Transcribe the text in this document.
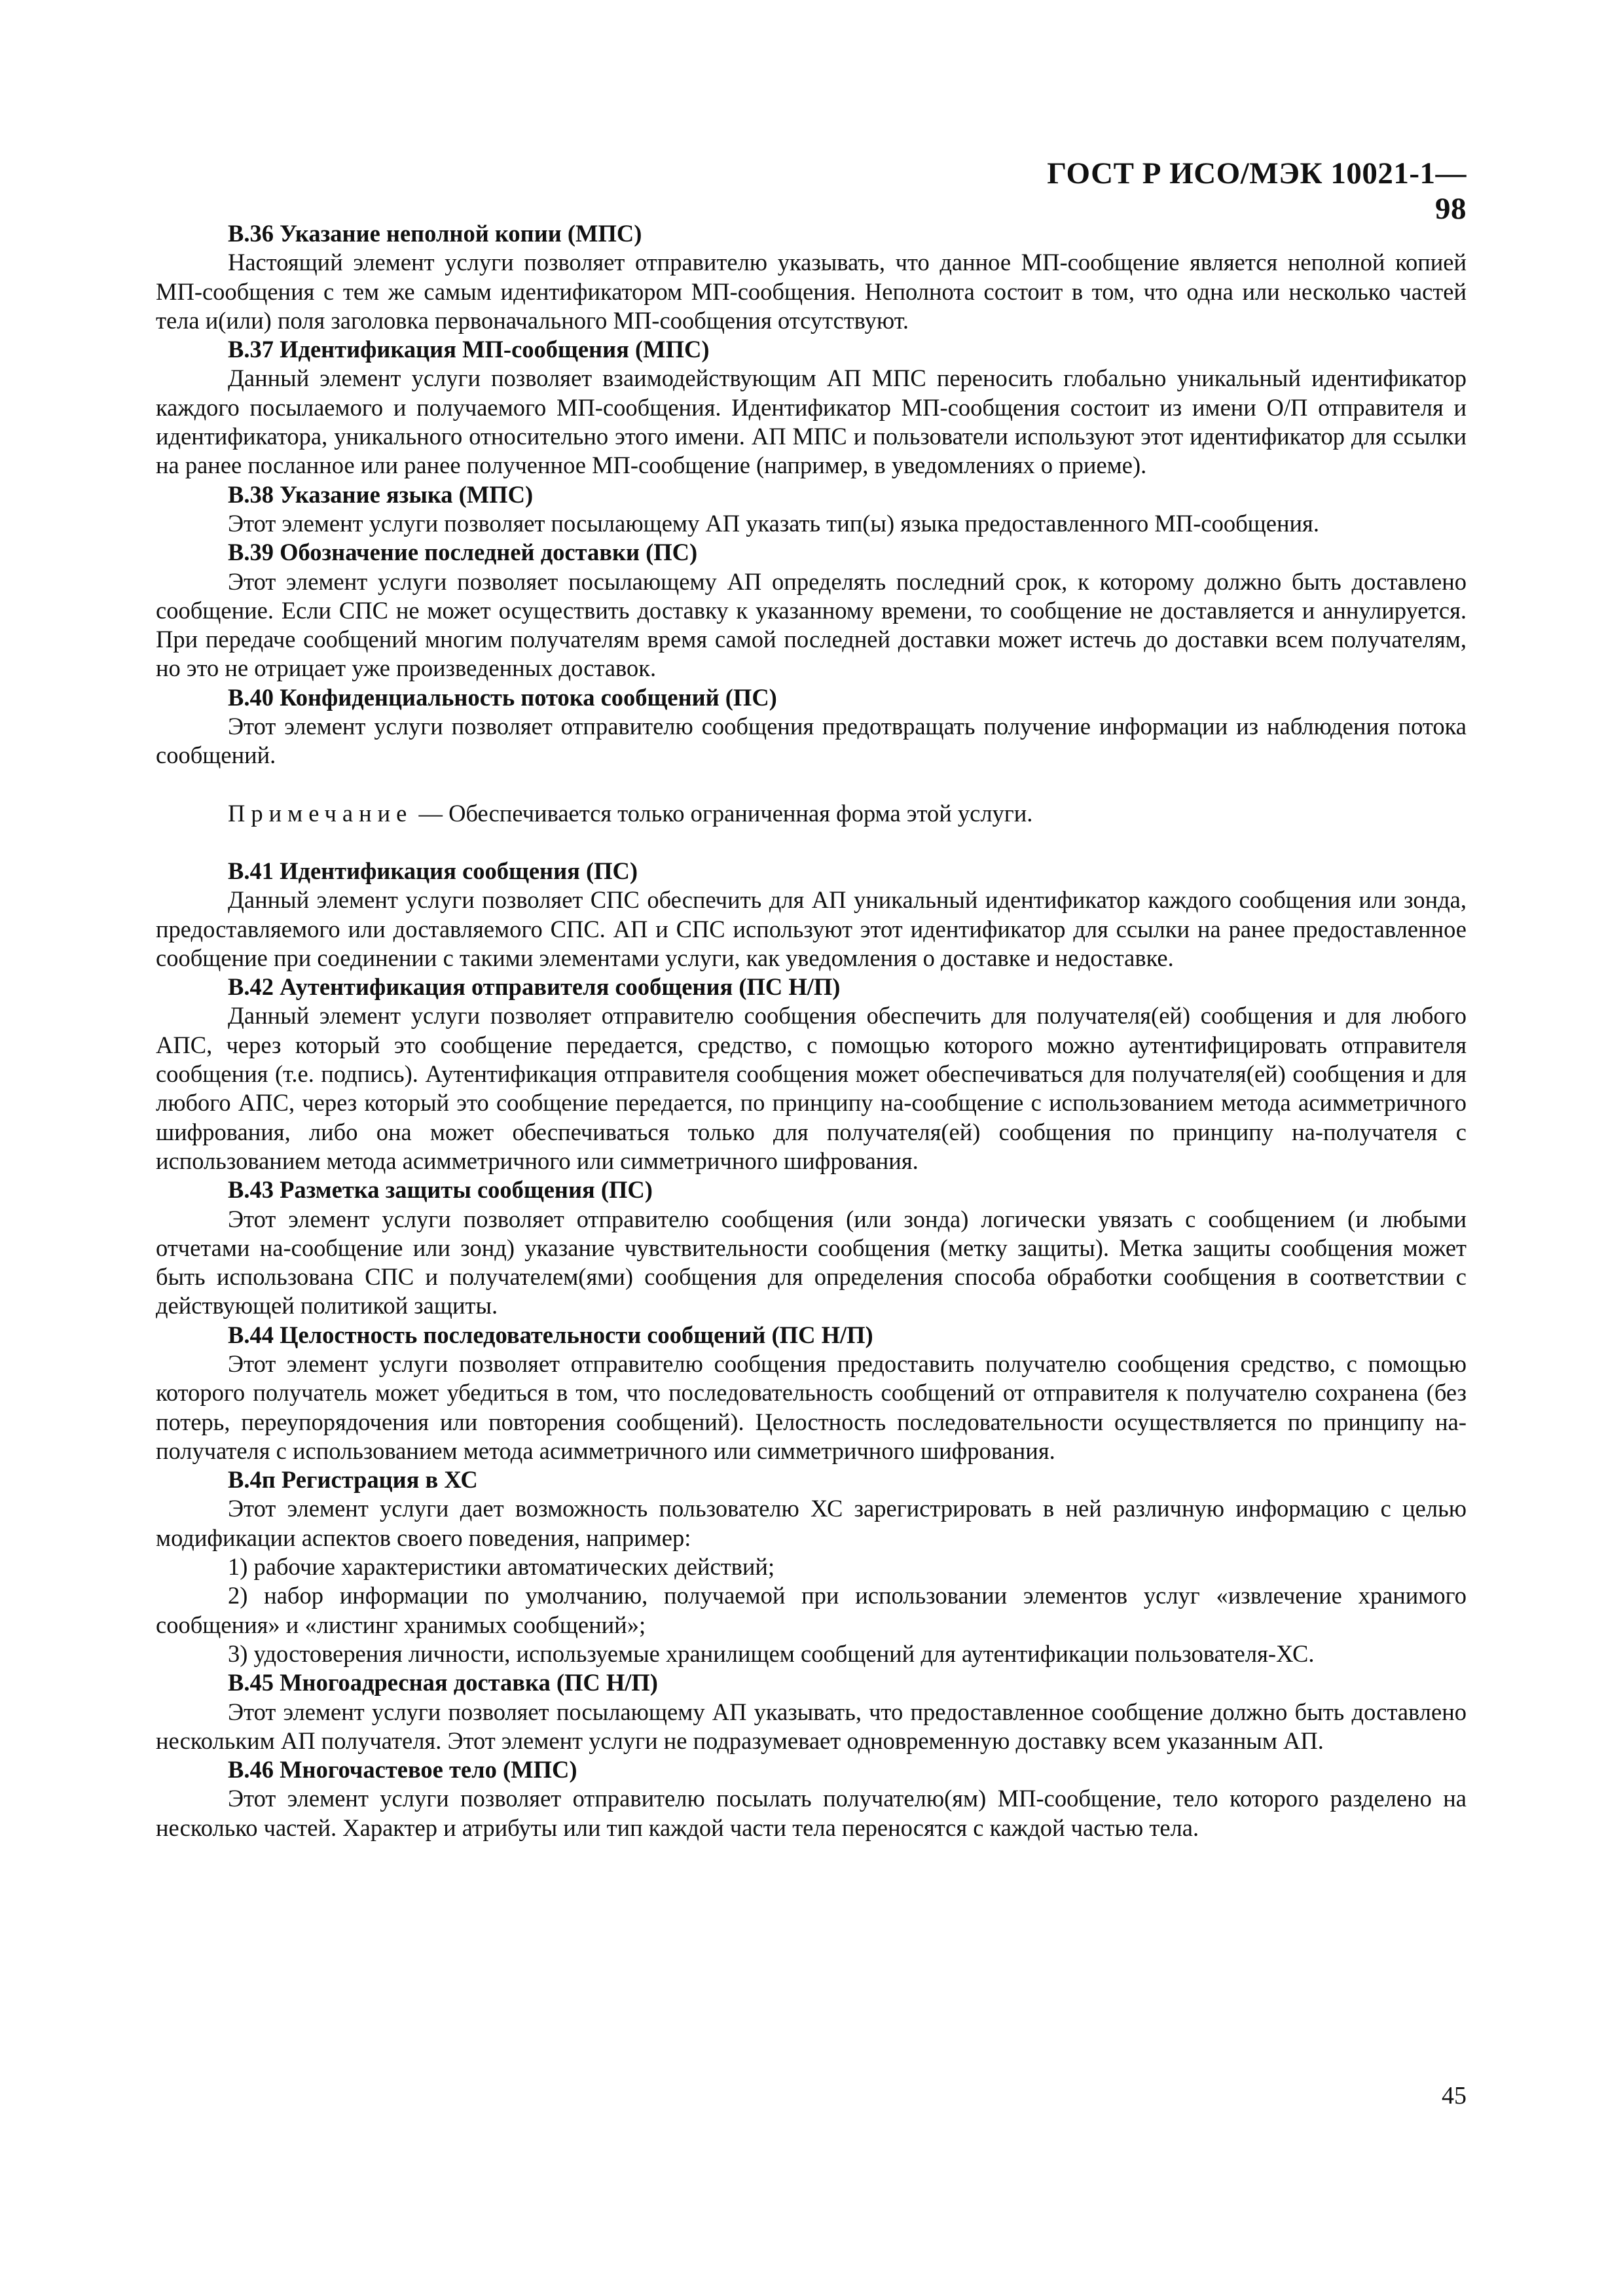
ГОСТ Р ИСО/МЭК 10021-1—98

В.36 Указание неполной копии (МПС)

Настоящий элемент услуги позволяет отправителю указывать, что данное МП-сообщение является неполной копией МП-сообщения с тем же самым идентификатором МП-сообщения. Неполнота состоит в том, что одна или несколько частей тела и(или) поля заголовка первоначального МП-сообщения отсутствуют.

В.37 Идентификация МП-сообщения (МПС)

Данный элемент услуги позволяет взаимодействующим АП МПС переносить глобально уникальный идентификатор каждого посылаемого и получаемого МП-сообщения. Идентификатор МП-сообщения состоит из имени О/П отправителя и идентификатора, уникального относительно этого имени. АП МПС и пользователи используют этот идентификатор для ссылки на ранее посланное или ранее полученное МП-сообщение (например, в уведомлениях о приеме).

В.38 Указание языка (МПС)

Этот элемент услуги позволяет посылающему АП указать тип(ы) языка предоставленного МП-сообщения.

В.39 Обозначение последней доставки (ПС)

Этот элемент услуги позволяет посылающему АП определять последний срок, к которому должно быть доставлено сообщение. Если СПС не может осуществить доставку к указанному времени, то сообщение не доставляется и аннулируется. При передаче сообщений многим получателям время самой последней доставки может истечь до доставки всем получателям, но это не отрицает уже произведенных доставок.

В.40 Конфиденциальность потока сообщений (ПС)

Этот элемент услуги позволяет отправителю сообщения предотвращать получение информации из наблюдения потока сообщений.

Примечание — Обеспечивается только ограниченная форма этой услуги.

В.41 Идентификация сообщения (ПС)

Данный элемент услуги позволяет СПС обеспечить для АП уникальный идентификатор каждого сообщения или зонда, предоставляемого или доставляемого СПС. АП и СПС используют этот идентификатор для ссылки на ранее предоставленное сообщение при соединении с такими элементами услуги, как уведомления о доставке и недоставке.

В.42 Аутентификация отправителя сообщения (ПС Н/П)

Данный элемент услуги позволяет отправителю сообщения обеспечить для получателя(ей) сообщения и для любого АПС, через который это сообщение передается, средство, с помощью которого можно аутентифицировать отправителя сообщения (т.е. подпись). Аутентификация отправителя сообщения может обеспечиваться для получателя(ей) сообщения и для любого АПС, через который это сообщение передается, по принципу на-сообщение с использованием метода асимметричного шифрования, либо она может обеспечиваться только для получателя(ей) сообщения по принципу на-получателя с использованием метода асимметричного или симметричного шифрования.

В.43 Разметка защиты сообщения (ПС)

Этот элемент услуги позволяет отправителю сообщения (или зонда) логически увязать с сообщением (и любыми отчетами на-сообщение или зонд) указание чувствительности сообщения (метку защиты). Метка защиты сообщения может быть использована СПС и получателем(ями) сообщения для определения способа обработки сообщения в соответствии с действующей политикой защиты.

В.44 Целостность последовательности сообщений (ПС Н/П)

Этот элемент услуги позволяет отправителю сообщения предоставить получателю сообщения средство, с помощью которого получатель может убедиться в том, что последовательность сообщений от отправителя к получателю сохранена (без потерь, переупорядочения или повторения сообщений). Целостность последовательности осуществляется по принципу на-получателя с использованием метода асимметричного или симметричного шифрования.

В.4п Регистрация в ХС

Этот элемент услуги дает возможность пользователю ХС зарегистрировать в ней различную информацию с целью модификации аспектов своего поведения, например:

1) рабочие характеристики автоматических действий;

2) набор информации по умолчанию, получаемой при использовании элементов услуг «извлечение хранимого сообщения» и «листинг хранимых сообщений»;

3) удостоверения личности, используемые хранилищем сообщений для аутентификации пользователя-ХС.

В.45 Многоадресная доставка (ПС Н/П)

Этот элемент услуги позволяет посылающему АП указывать, что предоставленное сообщение должно быть доставлено нескольким АП получателя. Этот элемент услуги не подразумевает одновременную доставку всем указанным АП.

В.46 Многочастевое тело (МПС)

Этот элемент услуги позволяет отправителю посылать получателю(ям) МП-сообщение, тело которого разделено на несколько частей. Характер и атрибуты или тип каждой части тела переносятся с каждой частью тела.

45
